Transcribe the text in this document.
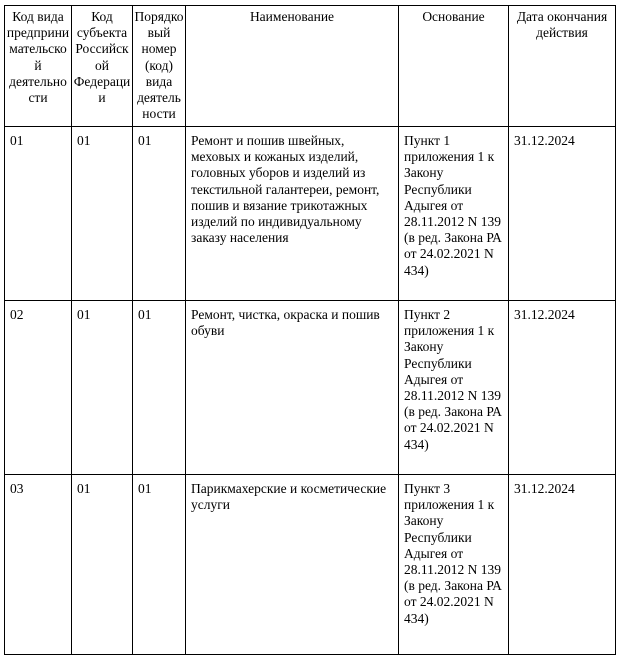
Код вида предпринимательской деятельности	Код субъекта Российской Федерации	Порядковый номер (код) вида деятельности	Наименование	Основание	Дата окончания действия
01	01	01	Ремонт и пошив швейных, меховых и кожаных изделий, головных уборов и изделий из текстильной галантереи, ремонт, пошив и вязание трикотажных изделий по индивидуальному заказу населения	Пункт 1 приложения 1 к Закону Республики Адыгея от 28.11.2012 N 139 (в ред. Закона РА от 24.02.2021 N 434)	31.12.2024
02	01	01	Ремонт, чистка, окраска и пошив обуви	Пункт 2 приложения 1 к Закону Республики Адыгея от 28.11.2012 N 139 (в ред. Закона РА от 24.02.2021 N 434)	31.12.2024
03	01	01	Парикмахерские и косметические услуги	Пункт 3 приложения 1 к Закону Республики Адыгея от 28.11.2012 N 139 (в ред. Закона РА от 24.02.2021 N 434)	31.12.2024
